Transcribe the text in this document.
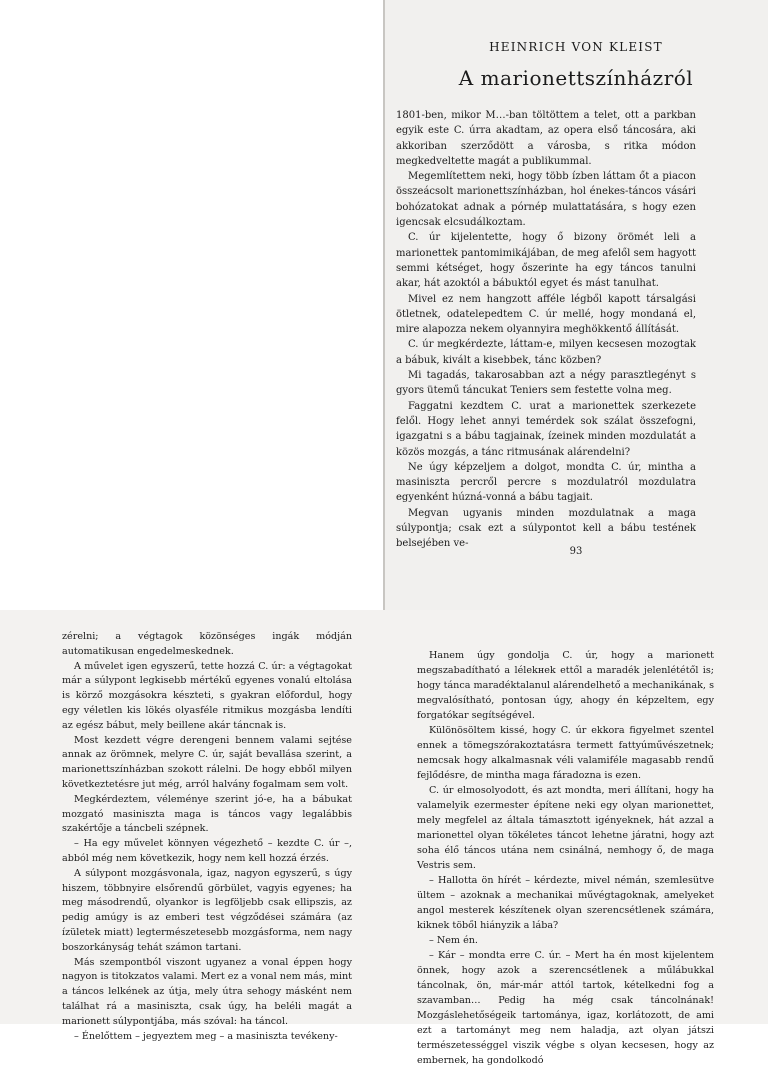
HEINRICH VON KLEIST
A marionettszínházról

1801-ben, mikor M…-ban töltöttem a telet, ott a parkban egyik este C. úrra akadtam, az opera első táncosára, aki akkoriban szerződött a városba, s ritka módon megkedveltette magát a publikummal.

Megemlítettem neki, hogy több ízben láttam őt a piacon összeácsolt marionettszínházban, hol énekes-táncos vásári bohózatokat adnak a pórnép mulattatására, s hogy ezen igencsak elcsudálkoztam.

C. úr kijelentette, hogy ő bizony örömét leli a marionettek pantomimikájában, de meg afelől sem hagyott semmi kétséget, hogy őszerinte ha egy táncos tanulni akar, hát azoktól a bábuktól egyet és mást tanulhat.

Mivel ez nem hangzott afféle légből kapott társalgási ötletnek, odatelepedtem C. úr mellé, hogy mondaná el, mire alapozza nekem olyannyira meghökkentő állítását.

C. úr megkérdezte, láttam-e, milyen kecsesen mozogtak a bábuk, kivált a kisebbek, tánc közben?

Mi tagadás, takarosabban azt a négy parasztlegényt s gyors ütemű táncukat Teniers sem festette volna meg.

Faggatni kezdtem C. urat a marionettek szerkezete felől. Hogy lehet annyi temérdek sok szálat összefogni, igazgatni s a bábu tagjainak, ízeinek minden mozdulatát a közös mozgás, a tánc ritmusának alárendelni?

Ne úgy képzeljem a dolgot, mondta C. úr, mintha a masinisztа percről percre s mozdulatról mozdulatra egyenként húzná-vonná a bábu tagjait.

Megvan ugyanis minden mozdulatnak a maga súlypontja; csak ezt a súlypontot kell a bábu testének belsejében ve-

93

zérelni; a végtagok közönséges ingák módján automatikusan engedelmeskednek.

A művelet igen egyszerű, tette hozzá C. úr: a végtagokat már a súlypont legkisebb mértékű egyenes vonalú eltolása is körző mozgásokra készteti, s gyakran előfordul, hogy egy véletlen kis lökés olyasféle ritmikus mozgásba lendíti az egész bábut, mely beillene akár táncnak is.

Most kezdett végre derengeni bennem valami sejtése annak az örömnek, melyre C. úr, saját bevallása szerint, a marionettszínházban szokott rálelni. De hogy ebből milyen következtetésre jut még, arról halvány fogalmam sem volt.

Megkérdeztem, véleménye szerint jó-e, ha a bábukat mozgató masinisztа maga is táncos vagy legalábbis szakértője a táncbeli szépnek.

– Ha egy művelet könnyen végezhető – kezdte C. úr –, abból még nem következik, hogy nem kell hozzá érzés.

A súlypont mozgásvonala, igaz, nagyon egyszerű, s úgy hiszem, többnyire elsőrendű görbület, vagyis egyenes; ha meg másodrendű, olyankor is legföljebb csak ellipszis, az pedig amúgy is az emberi test végződései számára (az ízületek miatt) legtermészetesebb mozgásforma, nem nagy boszorkányság tehát számon tartani.

Más szempontból viszont ugyanez a vonal éppen hogy nagyon is titokzatos valami. Mert ez a vonal nem más, mint a táncos lelkének az útja, mely útra sehogy másként nem találhat rá a masinisztа, csak úgy, ha beléli magát a marionett súlypontjába, más szóval: ha táncol.

– Énelőttem – jegyeztem meg – a masinisztа tevékeny-

Hanem úgy gondolja C. úr, hogy a marionett megszabadítható a lélekнek ettől a maradék jelenlététől is; hogy tánca maradéktalanul alárendelhető a mechanikának, s megvalósítható, pontosan úgy, ahogy én képzeltem, egy forgatókar segítségével.

Különösöltem kissé, hogy C. úr ekkora figyelmet szentel ennek a tömegszórakoztatásra termett fattyúművészetnek; nemcsak hogy alkalmasnak véli valamiféle magasabb rendű fejlődésre, de mintha maga fáradozna is ezen.

C. úr elmosolyodott, és azt mondta, meri állítani, hogy ha valamelyik ezermester építene neki egy olyan marionettet, mely megfelel az általa támasztott igényeknek, hát azzal a marionettel olyan tökéletes táncot lehetne járatni, hogy azt soha élő táncos utána nem csinálná, nemhogy ő, de maga Vestris sem.

– Hallotta ön hírét – kérdezte, mivel némán, szemlesütve ültem – azoknak a mechanikai művégtagoknak, amelyeket angol mesterek készítenek olyan szerencsétlenek számára, kiknek töből hiányzik a lába?

– Nem én.

– Kár – mondta erre C. úr. – Mert ha én most kijelentem önnek, hogy azok a szerencsétlenek a műlábukkal táncolnak, ön, már-már attól tartok, kételkedni fog a szavamban… Pedig ha még csak táncolnának! Mozgáslehetőségeik tartománya, igaz, korlátozott, de ami ezt a tartományt meg nem haladja, azt olyan játszi természetességgel viszik végbe s olyan kecsesen, hogy az embernek, ha gondolkodó
